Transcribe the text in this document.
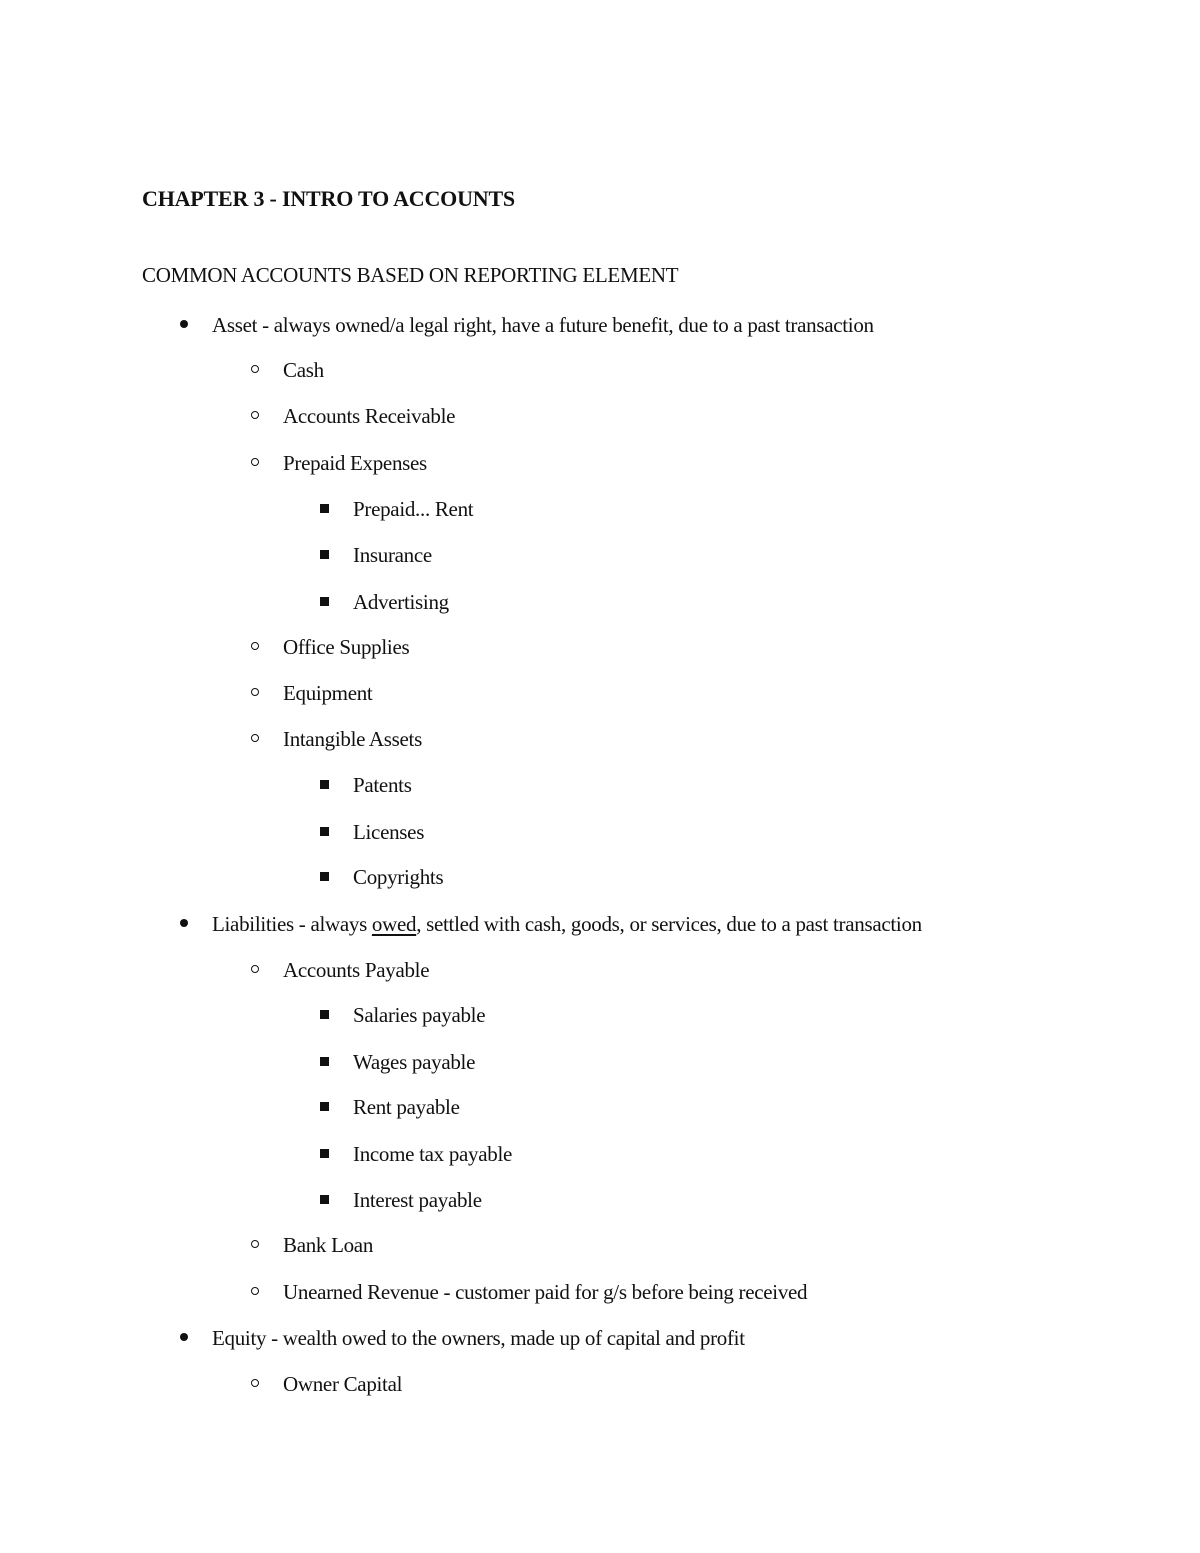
CHAPTER 3 - INTRO TO ACCOUNTS
COMMON ACCOUNTS BASED ON REPORTING ELEMENT
Asset - always owned/a legal right, have a future benefit, due to a past transaction
Cash
Accounts Receivable
Prepaid Expenses
Prepaid... Rent
Insurance
Advertising
Office Supplies
Equipment
Intangible Assets
Patents
Licenses
Copyrights
Liabilities - always owed, settled with cash, goods, or services, due to a past transaction
Accounts Payable
Salaries payable
Wages payable
Rent payable
Income tax payable
Interest payable
Bank Loan
Unearned Revenue - customer paid for g/s before being received
Equity - wealth owed to the owners, made up of capital and profit
Owner Capital
